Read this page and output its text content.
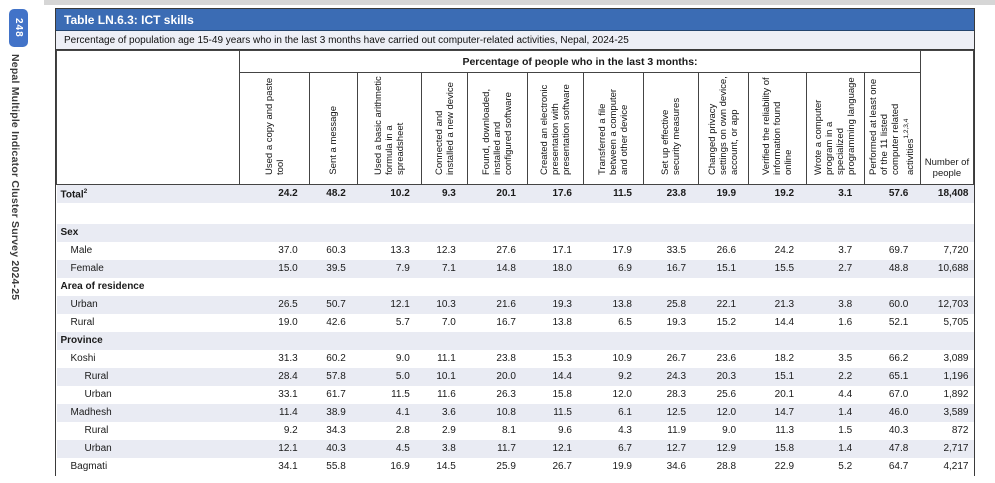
248
Nepal Multiple Indicator Cluster Survey 2024-25
Table LN.6.3: ICT skills
Percentage of population age 15-49 years who in the last 3 months have carried out computer-related activities, Nepal, 2024-25
	Percentage of people who in the last 3 months:												Number of people
	Used a copy and paste tool	Sent a message	Used a basic arithmetic formula in a spreadsheet	Connected and installed a new device	Found, downloaded, installed and configured software	Created an electronic presentation with presentation software	Transferred a file between a computer and other device	Set up effective security measures	Changed privacy settings on own device, account, or app	Verified the reliability of information found online	Wrote a computer program in a specialized programming language	Performed at least one of the 11 listed computer related activities$^{1,2,3,4}$
Total$^2$	24.2	48.2	10.2	9.3	20.1	17.6	11.5	23.8	19.9	19.2	3.1	57.6	18,408

Sex													
Male	37.0	60.3	13.3	12.3	27.6	17.1	17.9	33.5	26.6	24.2	3.7	69.7	7,720
Female	15.0	39.5	7.9	7.1	14.8	18.0	6.9	16.7	15.1	15.5	2.7	48.8	10,688
Area of residence													
Urban	26.5	50.7	12.1	10.3	21.6	19.3	13.8	25.8	22.1	21.3	3.8	60.0	12,703
Rural	19.0	42.6	5.7	7.0	16.7	13.8	6.5	19.3	15.2	14.4	1.6	52.1	5,705
Province													
Koshi	31.3	60.2	9.0	11.1	23.8	15.3	10.9	26.7	23.6	18.2	3.5	66.2	3,089
Rural	28.4	57.8	5.0	10.1	20.0	14.4	9.2	24.3	20.3	15.1	2.2	65.1	1,196
Urban	33.1	61.7	11.5	11.6	26.3	15.8	12.0	28.3	25.6	20.1	4.4	67.0	1,892
Madhesh	11.4	38.9	4.1	3.6	10.8	11.5	6.1	12.5	12.0	14.7	1.4	46.0	3,589
Rural	9.2	34.3	2.8	2.9	8.1	9.6	4.3	11.9	9.0	11.3	1.5	40.3	872
Urban	12.1	40.3	4.5	3.8	11.7	12.1	6.7	12.7	12.9	15.8	1.4	47.8	2,717
Bagmati	34.1	55.8	16.9	14.5	25.9	26.7	19.9	34.6	28.8	22.9	5.2	64.7	4,217
